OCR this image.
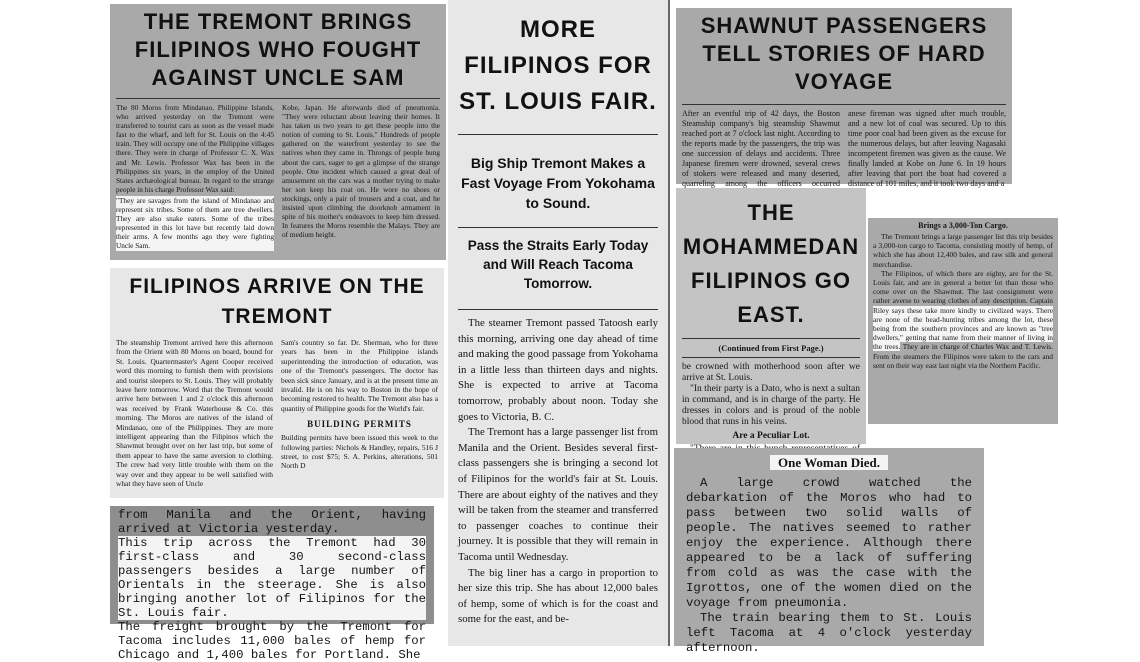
THE TREMONT BRINGS FILIPINOS WHO FOUGHT AGAINST UNCLE SAM

The 80 Moros from Mindanao, Philippine Islands, who arrived yesterday on the Tremont were transferred to tourist cars as soon as the vessel made fast to the wharf, and left for St. Louis on the 4:45 train. They will occupy one of the Philippine villages there. They were in charge of Professor C. X. Wax and Mr. Lewis. Professor Wax has been in the Philippines six years, in the employ of the United States archæological bureau. In regard to the strange people in his charge Professor Wax said:

"They are savages from the island of Mindanao and represent six tribes. Some of them are tree dwellers. They are also snake eaters. Some of the tribes represented in this lot have but recently laid down their arms. A few months ago they were fighting Uncle Sam.

Kobe, Japan. He afterwards died of pneumonia. "They were reluctant about leaving their homes. It has taken us two years to get these people into the notion of coming to St. Louis." Hundreds of people gathered on the waterfront yesterday to see the natives when they came in. Throngs of people hung about the cars, eager to get a glimpse of the strange people. One incident which caused a great deal of amusement on the cars was a mother trying to make her son keep his coat on. He wore no shoes or stockings, only a pair of trousers and a coat, and he insisted upon climbing the doorknob armament in spite of his mother's endeavors to keep him dressed. In features the Moros resemble the Malays. They are of medium height.

FILIPINOS ARRIVE ON THE TREMONT

The steamship Tremont arrived here this afternoon from the Orient with 80 Moros on board, bound for St. Louis. Quartermaster's Agent Cooper received word this morning to furnish them with provisions and tourist sleepers to St. Louis. They will probably leave here tomorrow. Word that the Tremont would arrive here between 1 and 2 o'clock this afternoon was received by Frank Waterhouse & Co. this morning. The Moros are natives of the island of Mindanao, one of the Philippines. They are more intelligent appearing than the Filipinos which the Shawmut brought over on her last trip, but some of them appear to have the same aversion to clothing. The crew had very little trouble with them on the way over and they appear to be well satisfied with what they have seen of Uncle

Sam's country so far. Dr. Sherman, who for three years has been in the Philippine islands superintending the introduction of education, was one of the Tremont's passengers. The doctor has been sick since January, and is at the present time an invalid. He is on his way to Boston in the hope of becoming restored to health. The Tremont also has a quantity of Philippine goods for the World's fair.

BUILDING PERMITS

Building permits have been issued this week to the following parties: Nichols & Handley, repairs, 516 J street, to cost $75; S. A. Perkins, alterations, 501 North D

from Manila and the Orient, having arrived at Victoria yesterday.

This trip across the Tremont had 30 first-class and 30 second-class passengers besides a large number of Orientals in the steerage. She is also bringing another lot of Filipinos for the St. Louis fair.

The freight brought by the Tremont for Tacoma includes 11,000 bales of hemp for Chicago and 1,400 bales for Portland. She

MORE FILIPINOS FOR ST. LOUIS FAIR.

Big Ship Tremont Makes a Fast Voyage From Yokohama to Sound.

Pass the Straits Early Today and Will Reach Tacoma Tomorrow.

The steamer Tremont passed Tatoosh early this morning, arriving one day ahead of time and making the good passage from Yokohama in a little less than thirteen days and nights. She is expected to arrive at Tacoma tomorrow, probably about noon. Today she goes to Victoria, B. C.

The Tremont has a large passenger list from Manila and the Orient. Besides several first-class passengers she is bringing a second lot of Filipinos for the world's fair at St. Louis. There are about eighty of the natives and they will be taken from the steamer and transferred to passenger coaches to continue their journey. It is possible that they will remain in Tacoma until Wednesday.

The big liner has a cargo in proportion to her size this trip. She has about 12,000 bales of hemp, some of which is for the coast and some for the east, and be-

SHAWNUT PASSENGERS TELL STORIES OF HARD VOYAGE

After an eventful trip of 42 days, the Boston Steamship company's big steamship Shawmut reached port at 7 o'clock last night. According to the reports made by the passengers, the trip was one succession of delays and accidents. Three Japanese firemen were drowned, several crews of stokers were released and many deserted, quarreling among the officers occurred

anese fireman was signed after much trouble, and a new lot of coal was secured. Up to this time poor coal had been given as the excuse for the numerous delays, but after leaving Nagasaki incompetent firemen was given as the cause. We finally landed at Kobe on June 6. In 19 hours after leaving that port the boat had covered a distance of 101 miles, and it took two days and a

THE MOHAMMEDAN FILIPINOS GO EAST.

(Continued from First Page.)

be crowned with motherhood soon after we arrive at St. Louis.

"In their party is a Dato, who is next a sultan in command, and is in charge of the party. He dresses in colors and is proud of the noble blood that runs in his veins.

Are a Peculiar Lot.

Brings a 3,000-Ton Cargo.

The Tremont brings a large passenger list this trip besides a 3,000-ton cargo to Tacoma, consisting mostly of hemp, of which she has about 12,400 bales, and raw silk and general merchandise.

The Filipinos, of which there are eighty, are for the St. Louis fair, and are in general a better lot than those who come over on the Shawmut. The last consignment were rather averse to wearing clothes of any description. Captain Riley says these take more kindly to civilized ways. There are none of the head-hunting tribes among the lot, these being from the southern provinces and are known as "tree dwellers," getting that name from their manner of living in the trees. They are in charge of Charles Wax and T. Lewis. From the steamers the Filipinos were taken to the cars and sent on their way east last night via the Northern Pacific.

One Woman Died.

A large crowd watched the debarkation of the Moros who had to pass between two solid walls of people. The natives seemed to rather enjoy the experience. Although there appeared to be a lack of suffering from cold as was the case with the Igrottos, one of the women died on the voyage from pneumonia.

The train bearing them to St. Louis left Tacoma at 4 o'clock yesterday afternoon.
